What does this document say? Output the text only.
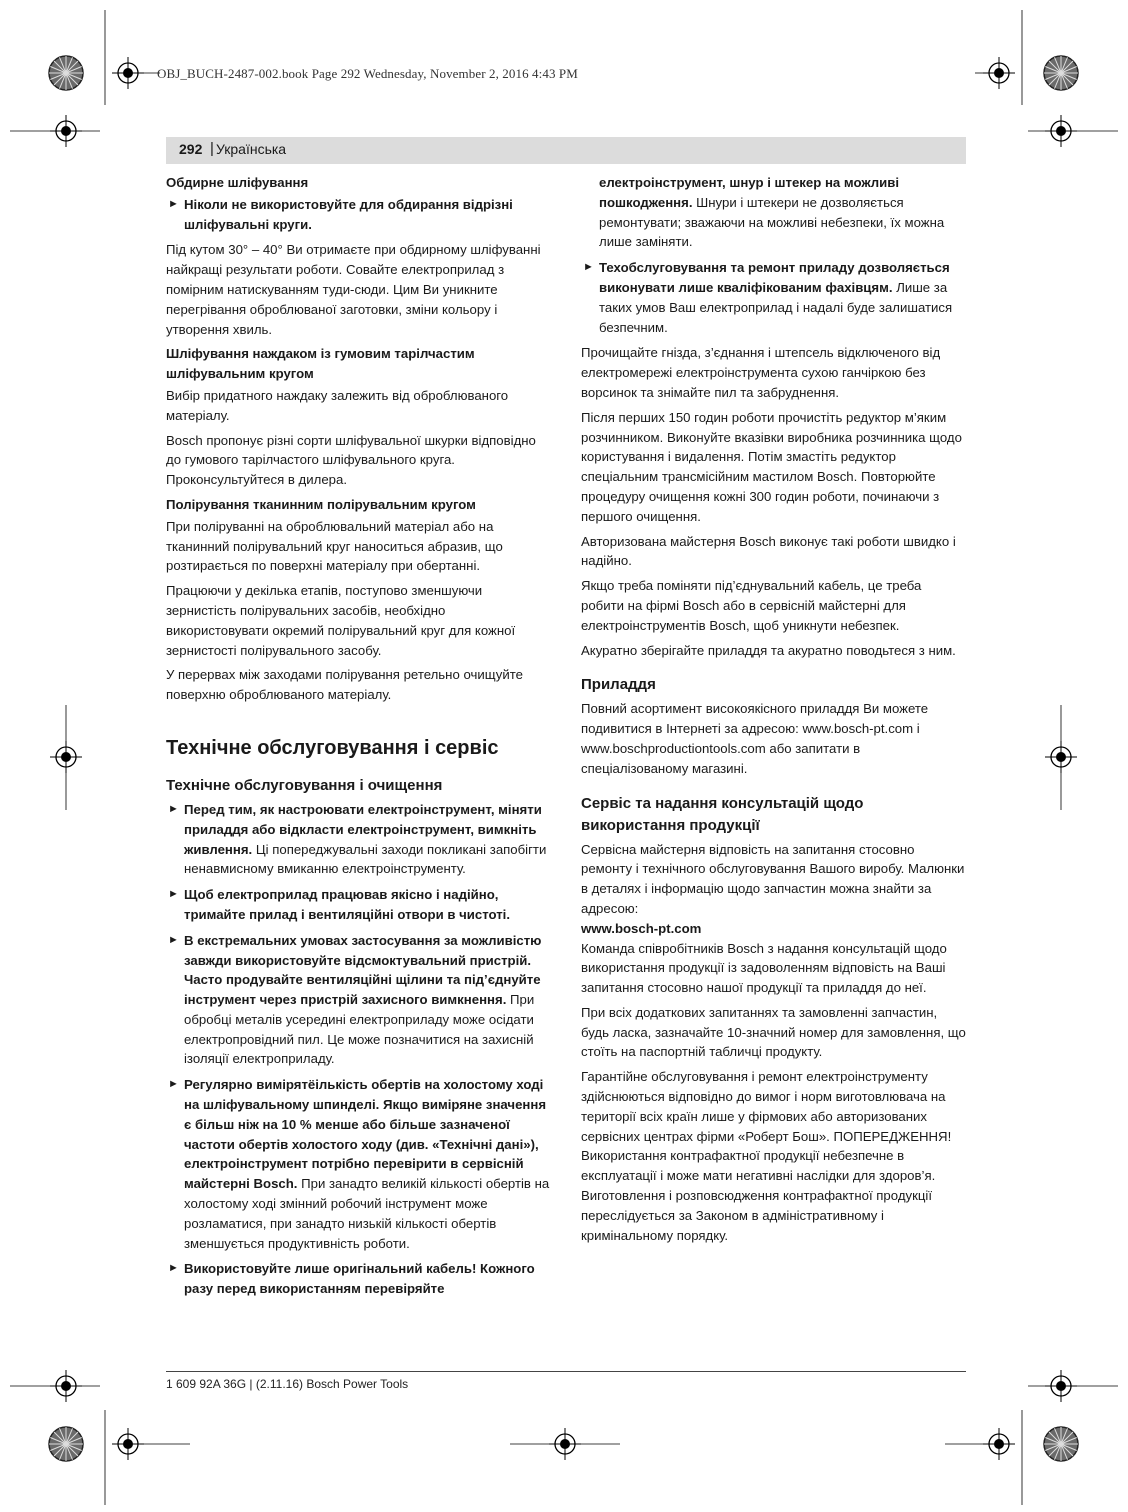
OBJ_BUCH-2487-002.book Page 292 Wednesday, November 2, 2016 4:43 PM
292 | Українська

Обдирне шліфування

► Ніколи не використовуйте для обдирання відрізні шліфувальні круги.

Під кутом 30° – 40° Ви отримаєте при обдирному шліфуванні найкращі результати роботи. Совайте електроприлад з помірним натискуванням туди-сюди. Цим Ви уникните перегрівання оброблюваної заготовки, зміни кольору і утворення хвиль.

Шліфування наждаком із гумовим тарілчастим шліфувальним кругом

Вибір придатного наждаку залежить від оброблюваного матеріалу.

Bosch пропонує різні сорти шліфувальної шкурки відповідно до гумового тарілчастого шліфувального круга. Проконсультуйтеся в дилера.

Полірування тканинним полірувальним кругом

При поліруванні на оброблювальний матеріал або на тканинний полірувальний круг наноситься абразив, що розтирається по поверхні матеріалу при обертанні.

Працюючи у декілька етапів, поступово зменшуючи зернистість полірувальних засобів, необхідно використовувати окремий полірувальний круг для кожної зернистості полірувального засобу.

У перервах між заходами полірування ретельно очищуйте поверхню оброблюваного матеріалу.

Технічне обслуговування і сервіс

Технічне обслуговування і очищення

► Перед тим, як настроювати електроінструмент, міняти приладдя або відкласти електроінструмент, вимкніть живлення. Ці попереджувальні заходи покликані запобігти ненавмисному вмиканню електроінструменту.
► Щоб електроприлад працював якісно і надійно, тримайте прилад і вентиляційні отвори в чистоті.
► В екстремальних умовах застосування за можливістю завжди використовуйте відсмоктувальний пристрій. Часто продувайте вентиляційні щілини та під’єднуйте інструмент через пристрій захисного вимкнення. При обробці металів усередині електроприладу може осідати електропровідний пил. Це може позначитися на захисній ізоляції електроприладу.
► Регулярно вимірятёількість обертів на холостому ході на шліфувальному шпинделі. Якщо виміряне значення є більш ніж на 10 % менше або більше зазначеної частоти обертів холостого ходу (див. «Технічні дані»), електроінструмент потрібно перевірити в сервісній майстерні Bosch. При занадто великій кількості обертів на холостому ході змінний робочий інструмент може розламатися, при занадто низькій кількості обертів зменшується продуктивність роботи.
► Використовуйте лише оригінальний кабель! Кожного разу перед використанням перевіряйте
електроінструмент, шнур і штекер на можливі пошкодження. Шнури і штекери не дозволяється ремонтувати; зважаючи на можливі небезпеки, їх можна лише заміняти.
► Техобслуговування та ремонт приладу дозволяється виконувати лише кваліфікованим фахівцям. Лише за таких умов Ваш електроприлад і надалі буде залишатися безпечним.

Прочищайте гнізда, з’єднання і штепсель відключеного від електромережі електроінструмента сухою ганчіркою без ворсинок та знімайте пил та забруднення.

Після перших 150 годин роботи прочистіть редуктор м’яким розчинником. Виконуйте вказівки виробника розчинника щодо користування і видалення. Потім змастіть редуктор спеціальним трансмісійним мастилом Bosch. Повторюйте процедуру очищення кожні 300 годин роботи, починаючи з першого очищення.

Авторизована майстерня Bosch виконує такі роботи швидко і надійно.

Якщо треба поміняти під’єднувальний кабель, це треба робити на фірмі Bosch або в сервісній майстерні для електроінструментів Bosch, щоб уникнути небезпек.

Акуратно зберігайте приладдя та акуратно поводьтеся з ним.

Приладдя

Повний асортимент високоякісного приладдя Ви можете подивитися в Інтернеті за адресою: www.bosch-pt.com і www.boschproductiontools.com або запитати в спеціалізованому магазині.

Сервіс та надання консультацій щодо використання продукції

Сервісна майстерня відповість на запитання стосовно ремонту і технічного обслуговування Вашого виробу. Малюнки в деталях і інформацію щодо запчастин можна знайти за адресою:

www.bosch-pt.com

Команда співробітників Bosch з надання консультацій щодо використання продукції із задоволенням відповість на Ваші запитання стосовно нашої продукції та приладдя до неї.

При всіх додаткових запитаннях та замовленні запчастин, будь ласка, зазначайте 10-значний номер для замовлення, що стоїть на паспортній табличці продукту.

Гарантійне обслуговування і ремонт електроінструменту здійснюються відповідно до вимог і норм виготовлювача на території всіх країн лише у фірмових або авторизованих сервісних центрах фірми «Роберт Бош». ПОПЕРЕДЖЕННЯ! Використання контрафактної продукції небезпечне в експлуатації і може мати негативні наслідки для здоров’я. Виготовлення і розповсюдження контрафактної продукції переслідується за Законом в адміністративному і кримінальному порядку.

1 609 92A 36G | (2.11.16) Bosch Power Tools
